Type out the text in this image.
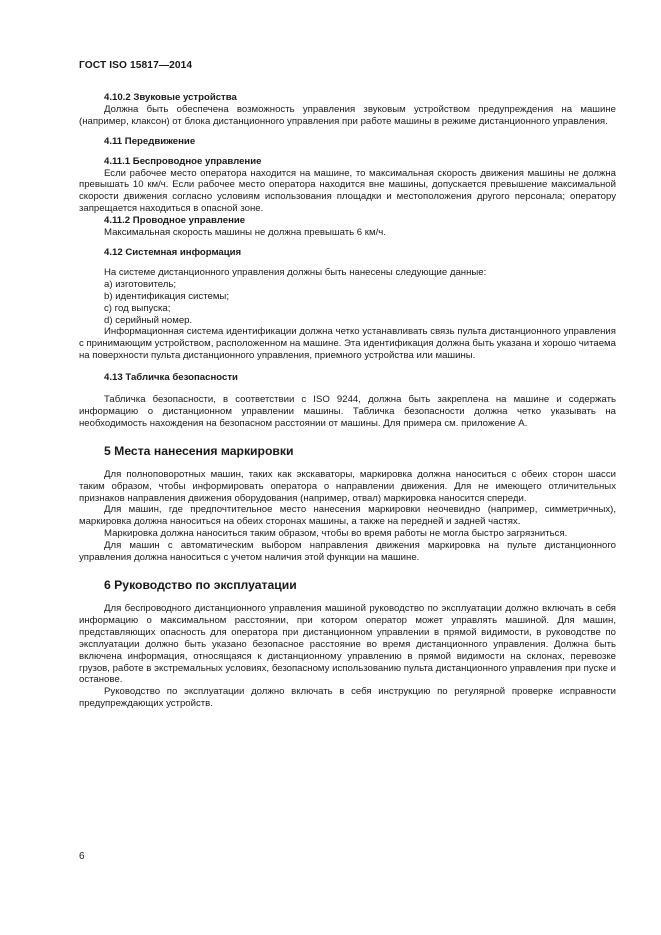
ГОСТ ISO 15817—2014

4.10.2 Звуковые устройства

Должна быть обеспечена возможность управления звуковым устройством предупреждения на машине (например, клаксон) от блока дистанционного управления при работе машины в режиме дистанционного управления.

4.11 Передвижение

4.11.1 Беспроводное управление

Если рабочее место оператора находится на машине, то максимальная скорость движения машины не должна превышать 10 км/ч. Если рабочее место оператора находится вне машины, допускается превышение максимальной скорости движения согласно условиям использования площадки и местоположения другого персонала; оператору запрещается находиться в опасной зоне.

4.11.2 Проводное управление

Максимальная скорость машины не должна превышать 6 км/ч.

4.12 Системная информация

На системе дистанционного управления должны быть нанесены следующие данные:

а) изготовитель;

b) идентификация системы;

c) год выпуска;

d) серийный номер.

Информационная система идентификации должна четко устанавливать связь пульта дистанционного управления с принимающим устройством, расположенном на машине. Эта идентификация должна быть указана и хорошо читаема на поверхности пульта дистанционного управления, приемного устройства или машины.

4.13 Табличка безопасности

Табличка безопасности, в соответствии с ISO 9244, должна быть закреплена на машине и содержать информацию о дистанционном управлении машины. Табличка безопасности должна четко указывать на необходимость нахождения на безопасном расстоянии от машины. Для примера см. приложение А.

5 Места нанесения маркировки

Для полноповоротных машин, таких как экскаваторы, маркировка должна наноситься с обеих сторон шасси таким образом, чтобы информировать оператора о направлении движения. Для не имеющего отличительных признаков направления движения оборудования (например, отвал) маркировка наносится спереди.

Для машин, где предпочтительное место нанесения маркировки неочевидно (например, симметричных), маркировка должна наноситься на обеих сторонах машины, а также на передней и задней частях.

Маркировка должна наноситься таким образом, чтобы во время работы не могла быстро загрязниться.

Для машин с автоматическим выбором направления движения маркировка на пульте дистанционного управления должна наноситься с учетом наличия этой функции на машине.

6 Руководство по эксплуатации

Для беспроводного дистанционного управления машиной руководство по эксплуатации должно включать в себя информацию о максимальном расстоянии, при котором оператор может управлять машиной. Для машин, представляющих опасность для оператора при дистанционном управлении в прямой видимости, в руководстве по эксплуатации должно быть указано безопасное расстояние во время дистанционного управления. Должна быть включена информация, относящаяся к дистанционному управлению в прямой видимости на склонах, перевозке грузов, работе в экстремальных условиях, безопасному использованию пульта дистанционного управления при пуске и останове.

Руководство по эксплуатации должно включать в себя инструкцию по регулярной проверке исправности предупреждающих устройств.

6
